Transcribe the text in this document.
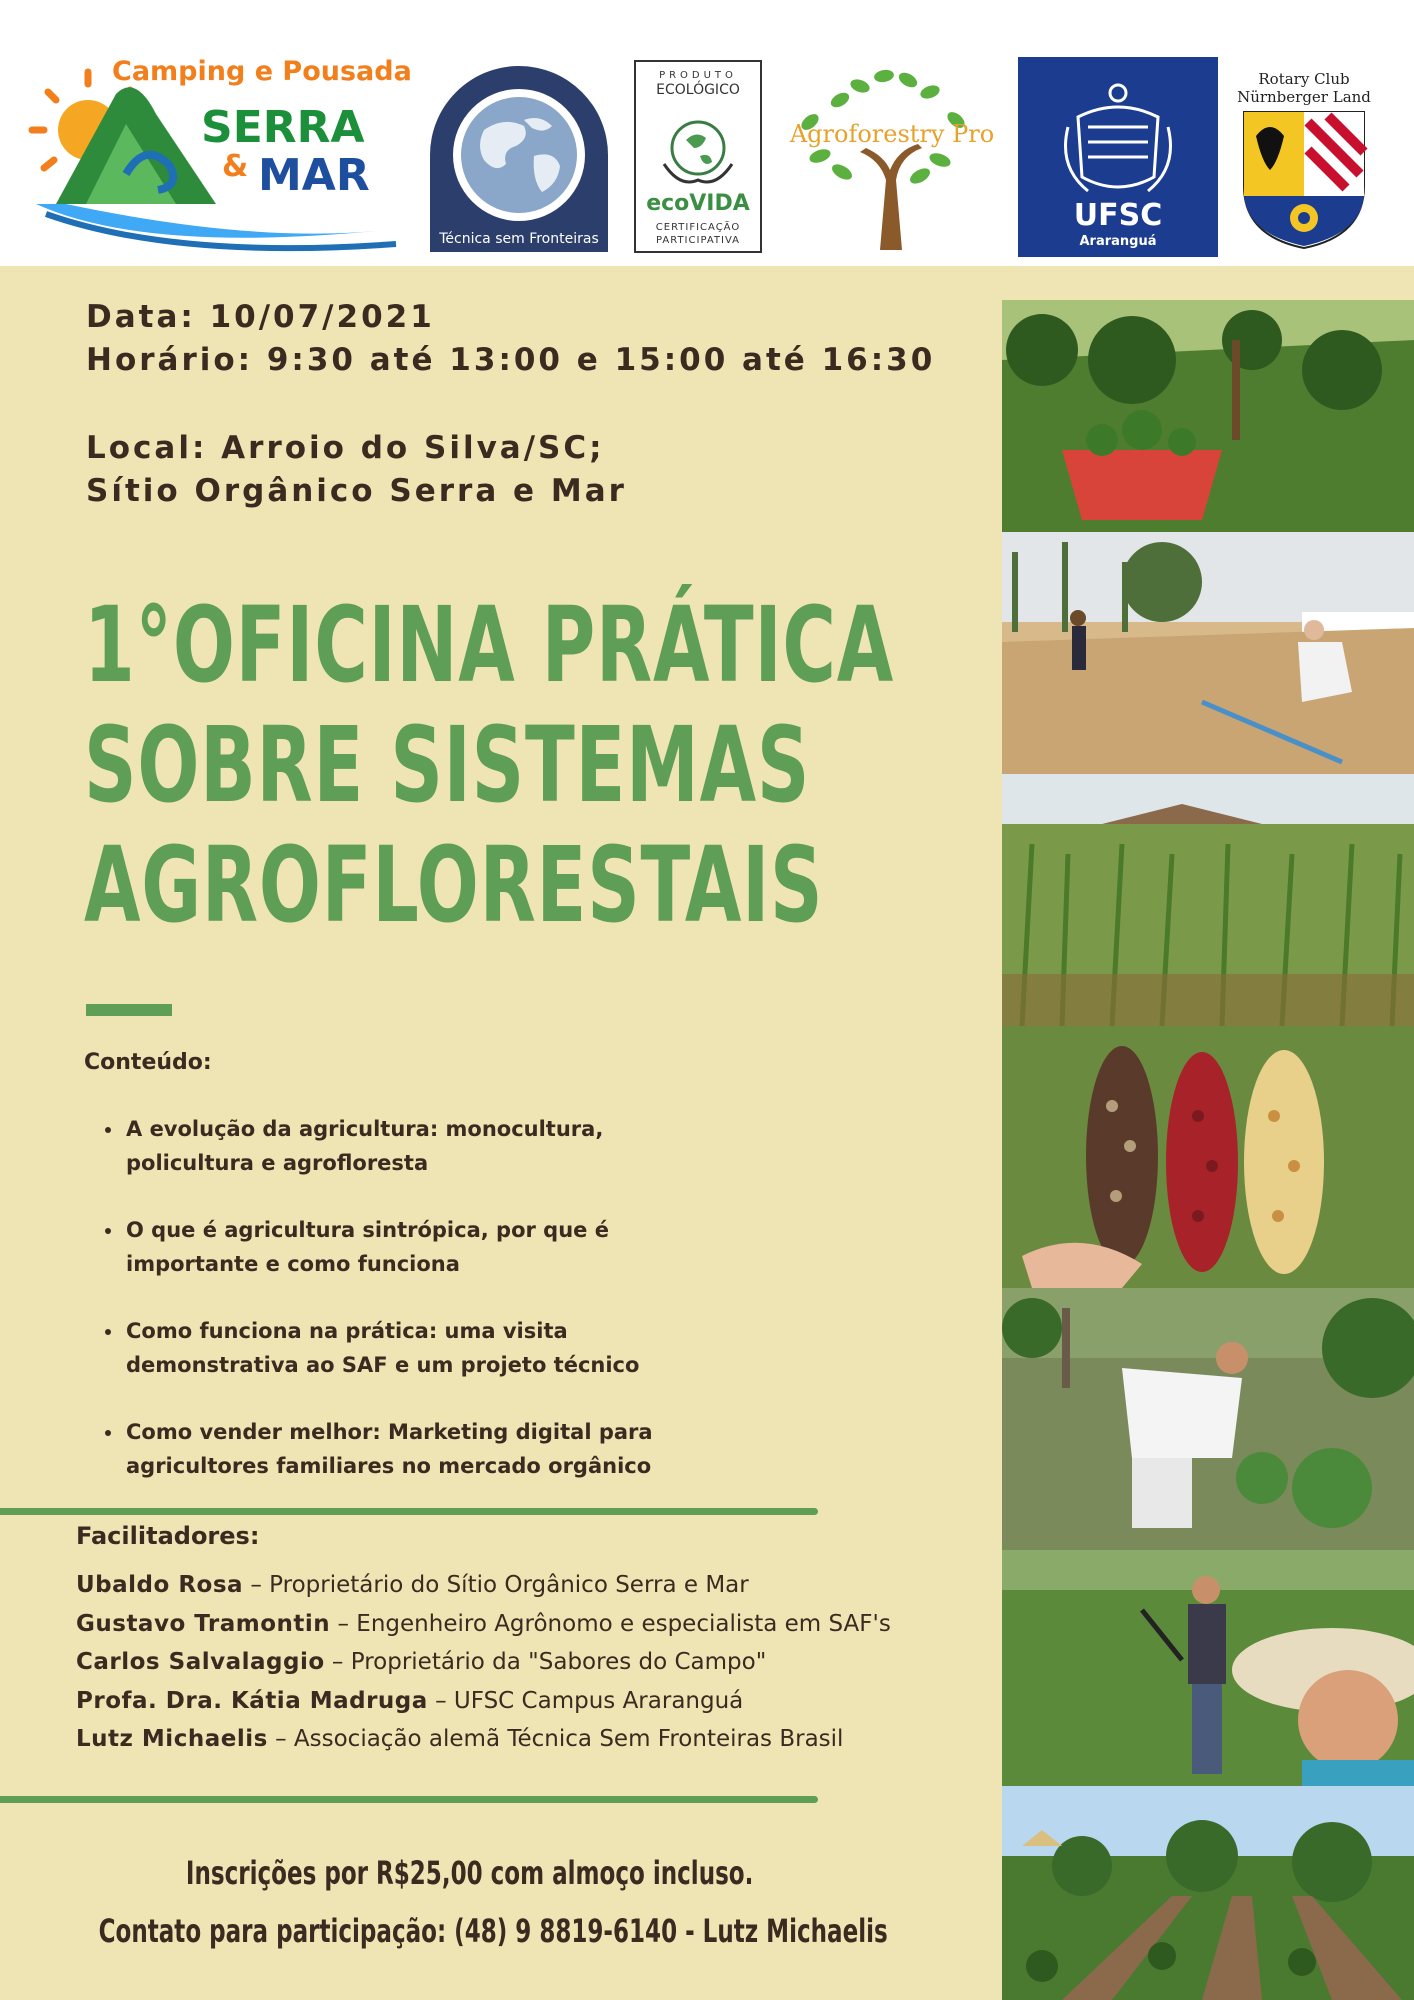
Camping e Pousada
SERRA
& MAR
Técnica sem Fronteiras
PRODUTO
ECOLÓGICO
ecoVIDA
CERTIFICAÇÃO
PARTICIPATIVA
Agroforestry Pro
UFSC
Araranguá
Rotary Club
Nürnberger Land

Data: 10/07/2021

Horário: 9:30 até 13:00 e 15:00 até 16:30

Local: Arroio do Silva/SC;

Sítio Orgânico Serra e Mar

1°OFICINA PRÁTICA
SOBRE SISTEMAS
AGROFLORESTAIS
Conteúdo:
• A evolução da agricultura: monocultura,
policultura e agrofloresta
• O que é agricultura sintrópica, por que é
importante e como funciona
• Como funciona na prática: uma visita
demonstrativa ao SAF e um projeto técnico
• Como vender melhor: Marketing digital para
agricultores familiares no mercado orgânico
Facilitadores:
Ubaldo Rosa – Proprietário do Sítio Orgânico Serra e Mar
Gustavo Tramontin – Engenheiro Agrônomo e especialista em SAF's
Carlos Salvalaggio – Proprietário da "Sabores do Campo"
Profa. Dra. Kátia Madruga – UFSC Campus Araranguá
Lutz Michaelis – Associação alemã Técnica Sem Fronteiras Brasil

Inscrições por R$25,00 com almoço incluso.

Contato para participação: (48) 9 8819-6140 - Lutz Michaelis
